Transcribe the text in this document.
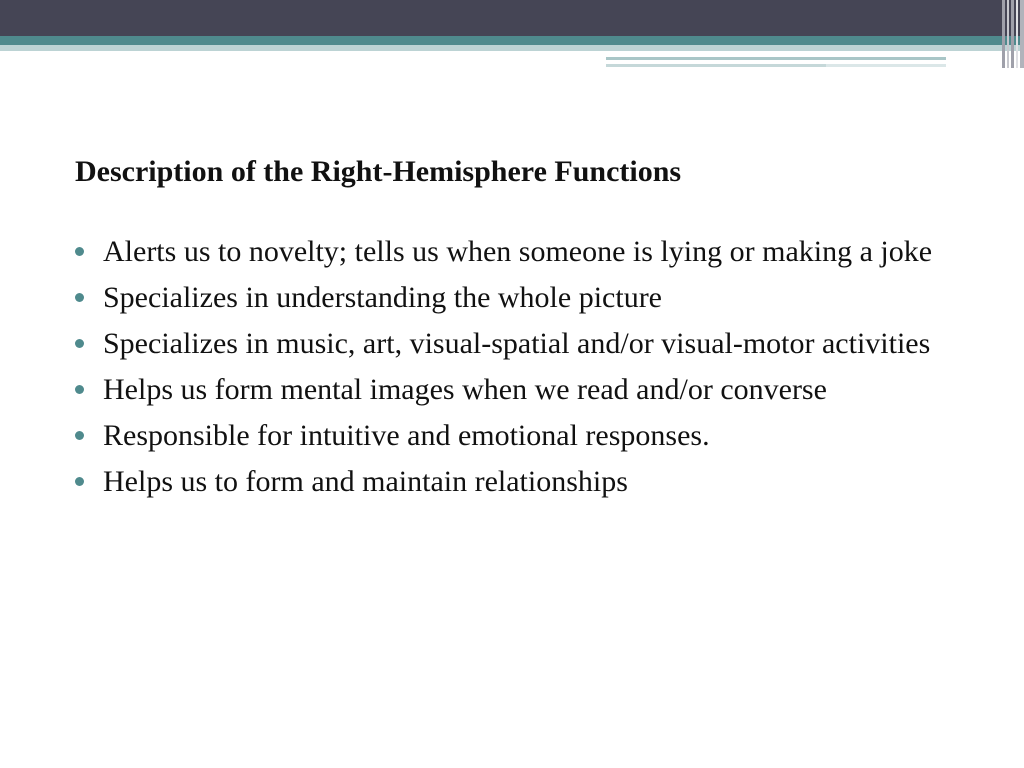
Description of the Right-Hemisphere Functions
Alerts us to novelty; tells us when someone is lying or making a joke
Specializes in understanding the whole picture
Specializes in music, art, visual-spatial and/or visual-motor activities
Helps us form mental images when we read and/or converse
Responsible for intuitive and emotional responses.
Helps us to form and maintain relationships
